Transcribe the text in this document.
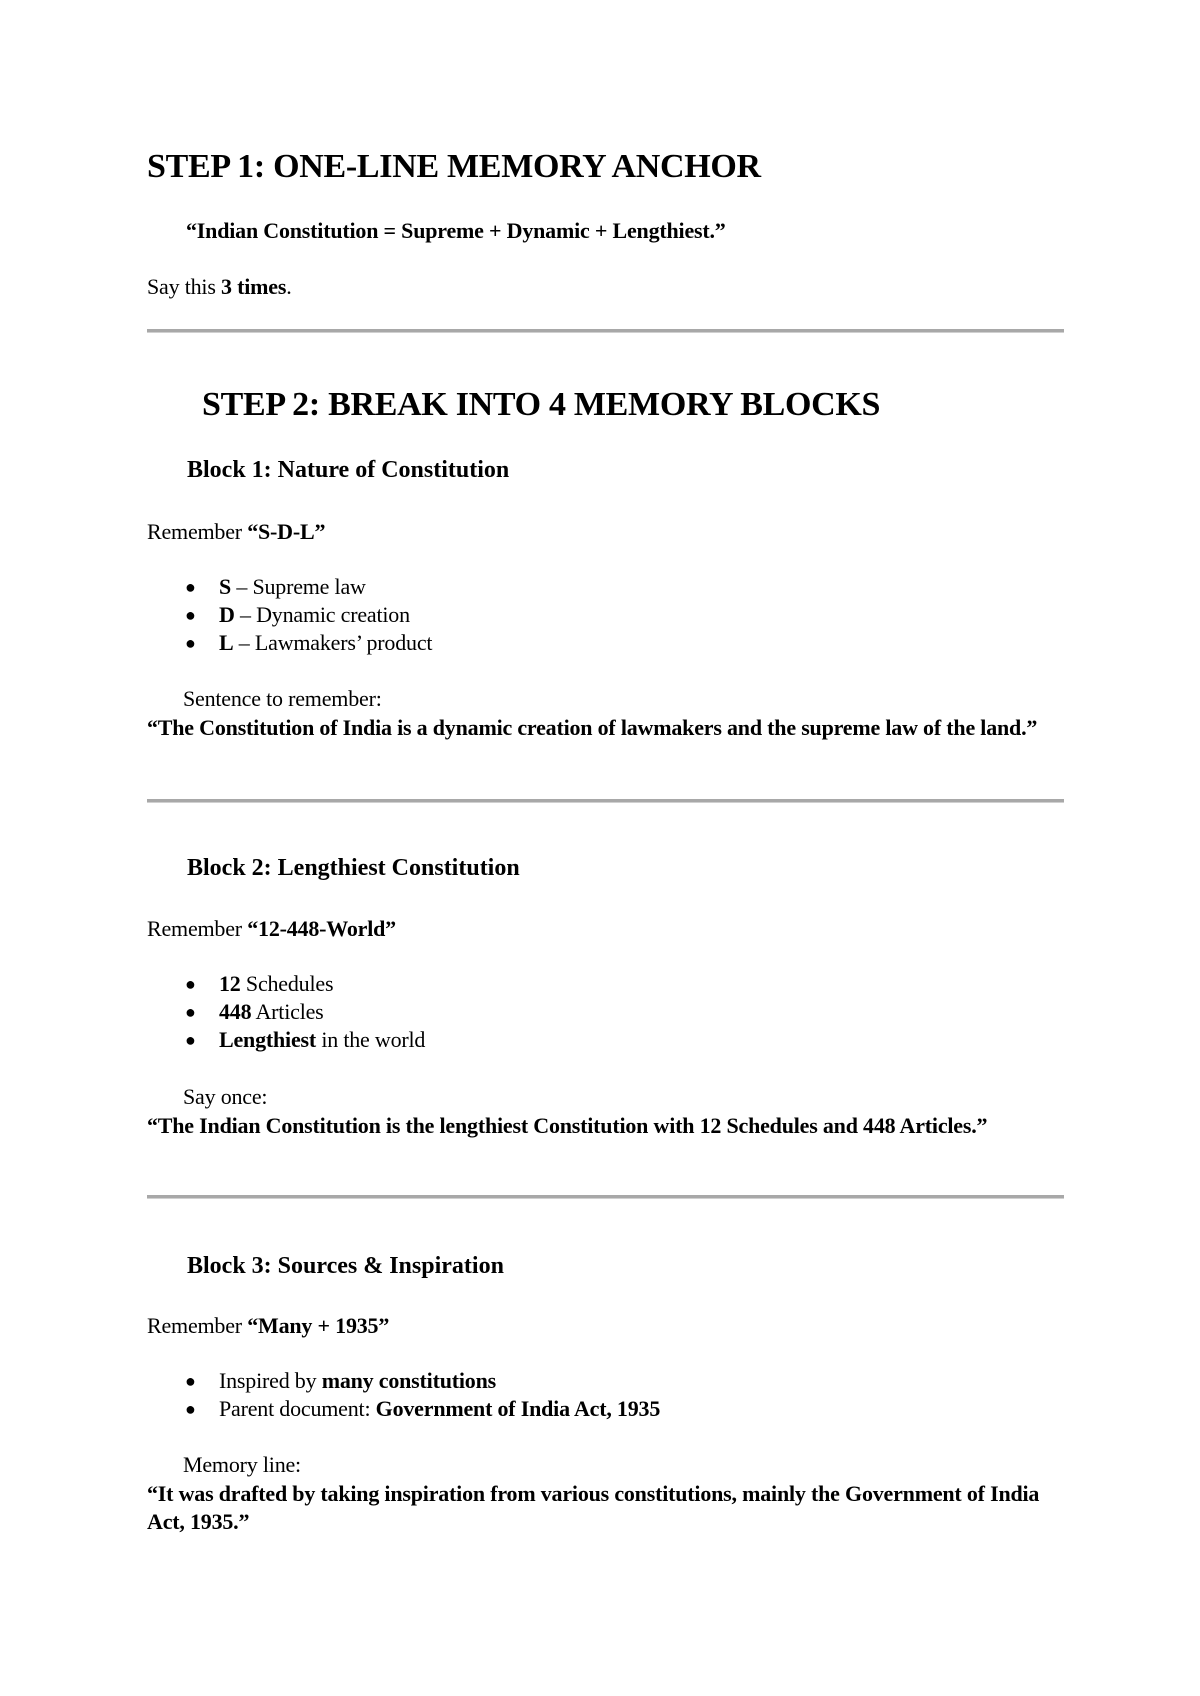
STEP 1: ONE-LINE MEMORY ANCHOR
“Indian Constitution = Supreme + Dynamic + Lengthiest.”
Say this 3 times.
STEP 2: BREAK INTO 4 MEMORY BLOCKS
Block 1: Nature of Constitution
Remember “S-D-L”
● S – Supreme law
● D – Dynamic creation
● L – Lawmakers’ product
Sentence to remember:
“The Constitution of India is a dynamic creation of lawmakers and the supreme law of the land.”
Block 2: Lengthiest Constitution
Remember “12-448-World”
● 12 Schedules
● 448 Articles
● Lengthiest in the world
Say once:
“The Indian Constitution is the lengthiest Constitution with 12 Schedules and 448 Articles.”
Block 3: Sources & Inspiration
Remember “Many + 1935”
● Inspired by many constitutions
● Parent document: Government of India Act, 1935
Memory line:
“It was drafted by taking inspiration from various constitutions, mainly the Government of India Act, 1935.”
